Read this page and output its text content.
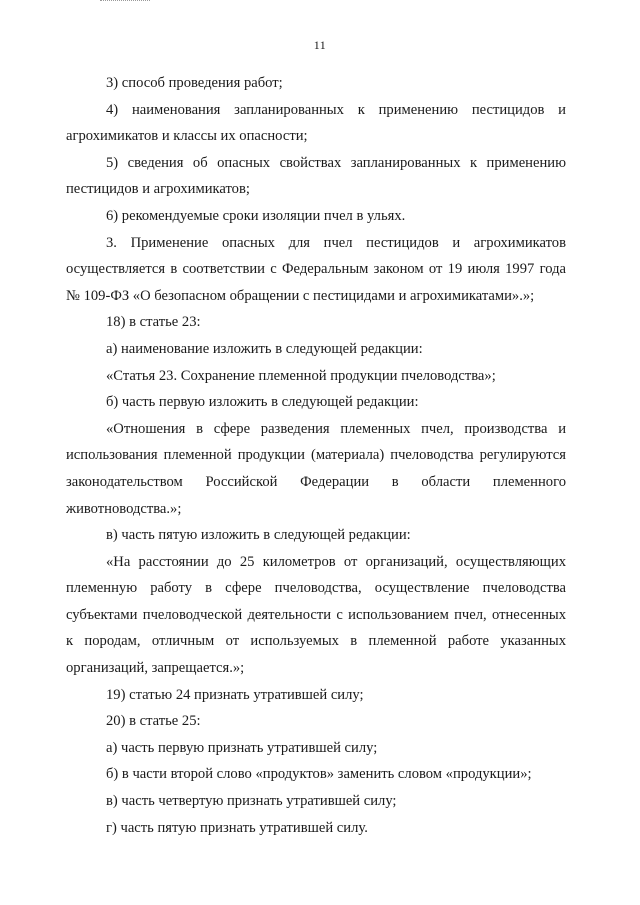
11

3) способ проведения работ;

4) наименования запланированных к применению пестицидов и агрохимикатов и классы их опасности;

5) сведения об опасных свойствах запланированных к применению пестицидов и агрохимикатов;

6) рекомендуемые сроки изоляции пчел в ульях.

3. Применение опасных для пчел пестицидов и агрохимикатов осуществляется в соответствии с Федеральным законом от 19 июля 1997 года № 109-ФЗ «О безопасном обращении с пестицидами и агрохимикатами».»;

18) в статье 23:

а) наименование изложить в следующей редакции:

«Статья 23. Сохранение племенной продукции пчеловодства»;

б) часть первую изложить в следующей редакции:

«Отношения в сфере разведения племенных пчел, производства и использования племенной продукции (материала) пчеловодства регулируются законодательством Российской Федерации в области племенного животноводства.»;

в) часть пятую изложить в следующей редакции:

«На расстоянии до 25 километров от организаций, осуществляющих племенную работу в сфере пчеловодства, осуществление пчеловодства субъектами пчеловодческой деятельности с использованием пчел, отнесенных к породам, отличным от используемых в племенной работе указанных организаций, запрещается.»;

19) статью 24 признать утратившей силу;

20) в статье 25:

а) часть первую признать утратившей силу;

б) в части второй слово «продуктов» заменить словом «продукции»;

в) часть четвертую признать утратившей силу;

г) часть пятую признать утратившей силу.
